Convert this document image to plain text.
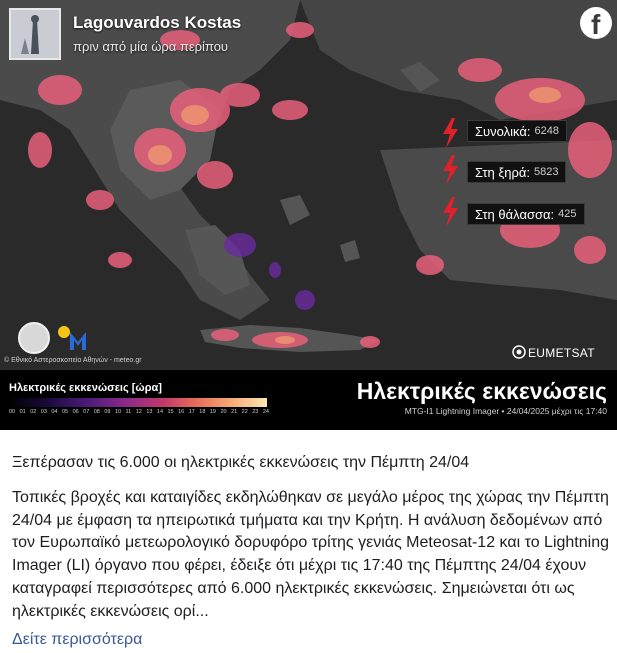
Lagouvardos Kostas
πριν από μία ώρα περίπου
f
Συνολικά: 6248
Στη ξηρά: 5823
Στη θάλασσα: 425
© Εθνικό Αστεροσκοπείο Αθηνών - meteo.gr
EUMETSAT
Ηλεκτρικές εκκενώσεις [ώρα]
00 01 02 03 04 05 06 07 08 09 10 11 12 13 14 15 16 17 18 19 20 21 22 23 24
Ηλεκτρικές εκκενώσεις
MTG-I1 Lightning Imager • 24/04/2025 μέχρι τις 17:40
Ξεπέρασαν τις 6.000 οι ηλεκτρικές εκκενώσεις την Πέμπτη 24/04
Τοπικές βροχές και καταιγίδες εκδηλώθηκαν σε μεγάλο μέρος της χώρας την Πέμπτη 24/04 με έμφαση τα ηπειρωτικά τμήματα και την Κρήτη. Η ανάλυση δεδομένων από τον Ευρωπαϊκό μετεωρολογικό δορυφόρο τρίτης γενιάς Meteosat-12 και το Lightning Imager (LI) όργανο που φέρει, έδειξε ότι μέχρι τις 17:40 της Πέμπτης 24/04 έχουν καταγραφεί περισσότερες από 6.000 ηλεκτρικές εκκενώσεις. Σημειώνεται ότι ως ηλεκτρικές εκκενώσεις ορί...
Δείτε περισσότερα
